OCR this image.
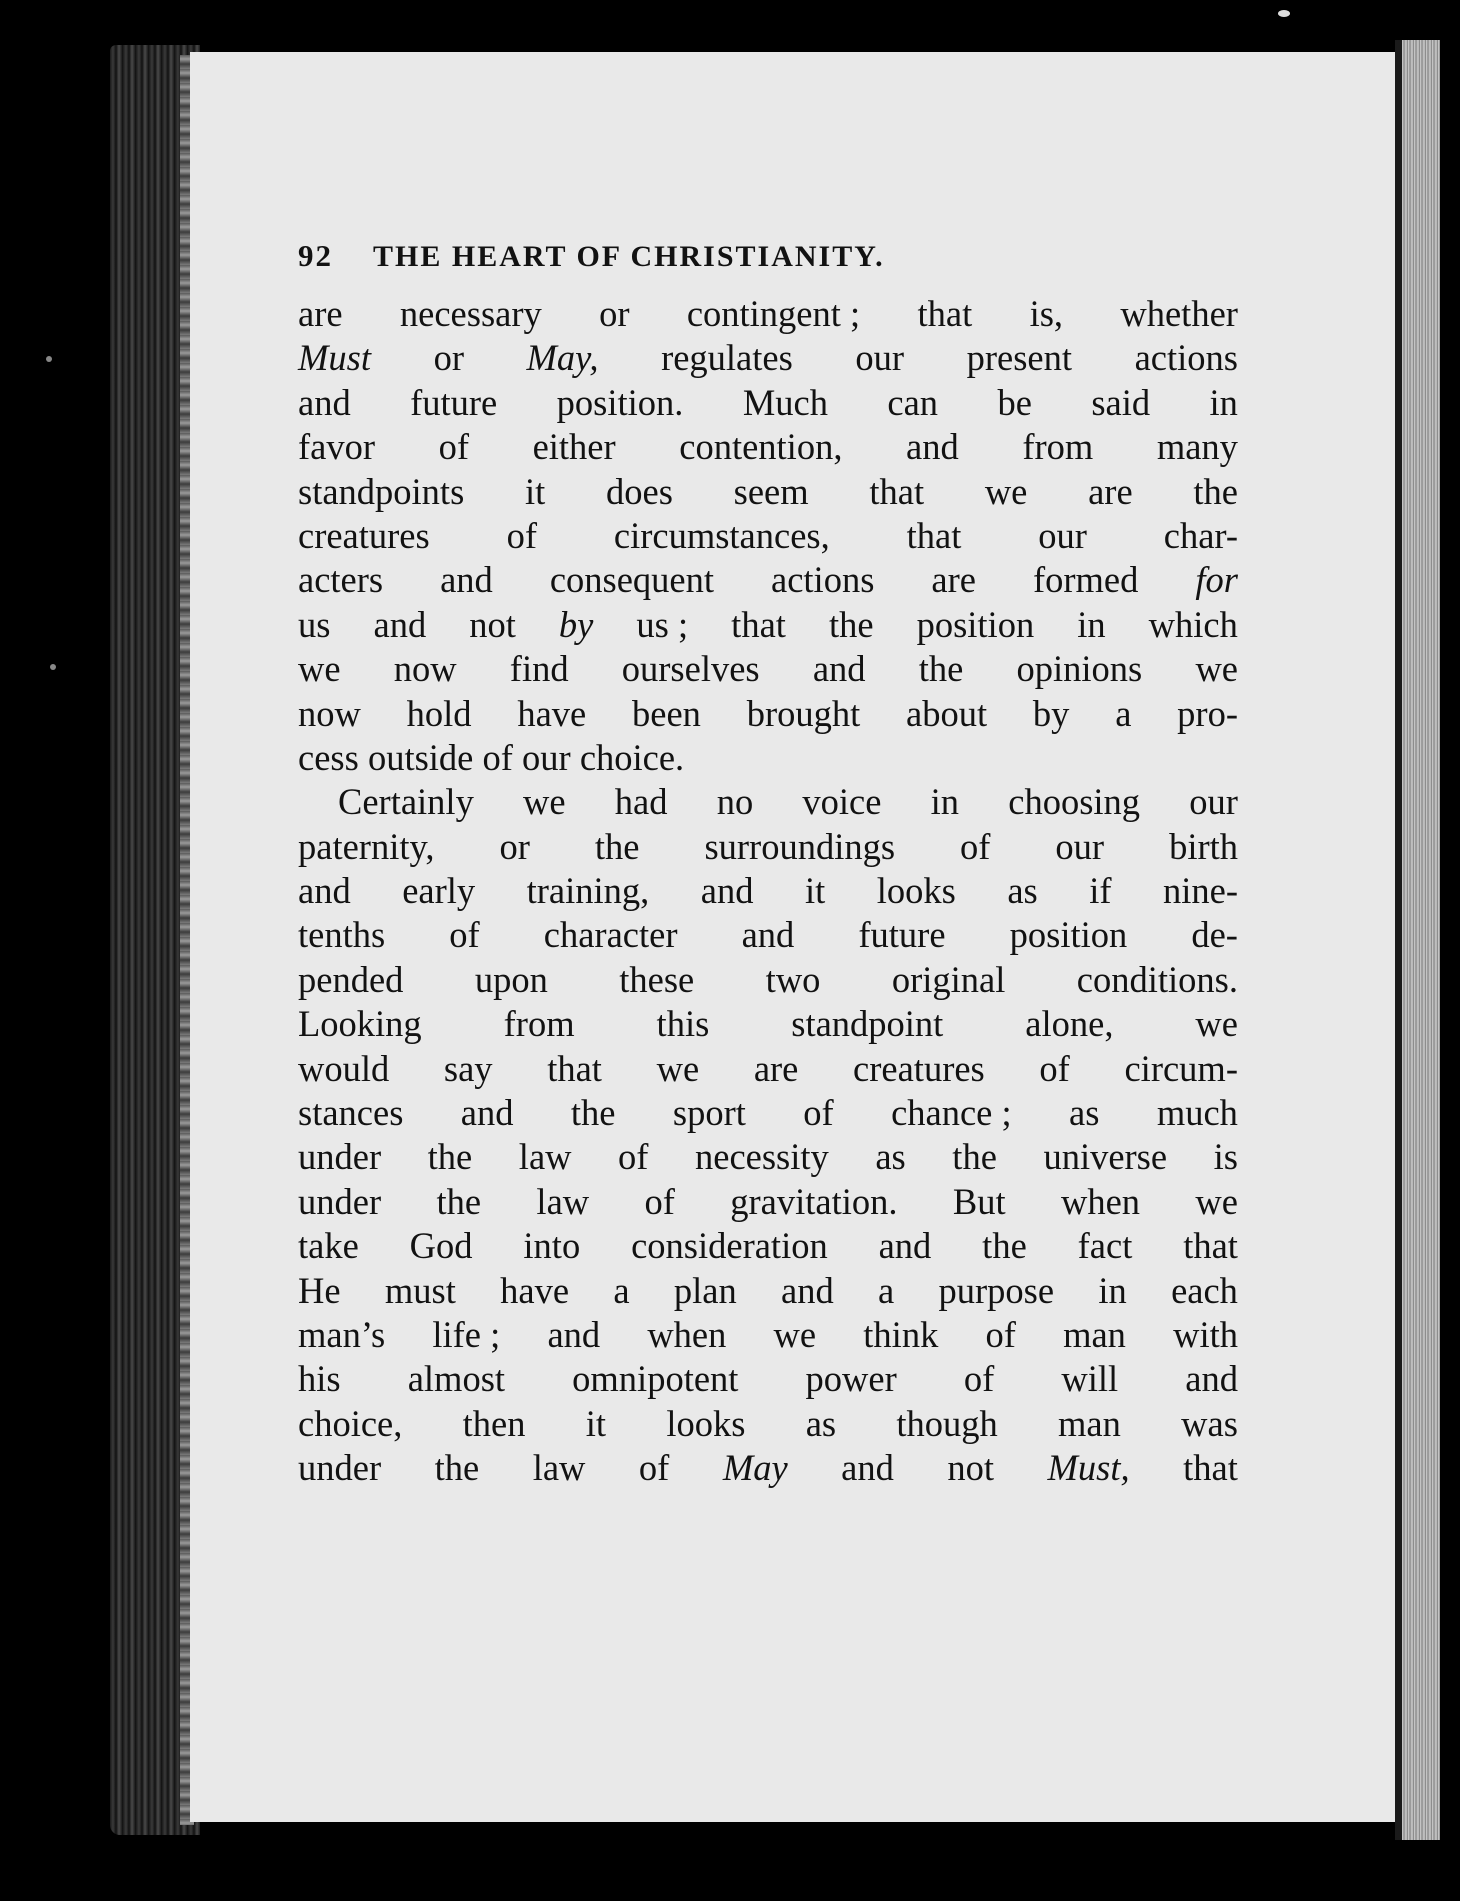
92 THE HEART OF CHRISTIANITY.
are necessary or contingent ; that is, whether
Must or May, regulates our present actions
and future position. Much can be said in
favor of either contention, and from many
standpoints it does seem that we are the
creatures of circumstances, that our char-
acters and consequent actions are formed for
us and not by us ; that the position in which
we now find ourselves and the opinions we
now hold have been brought about by a pro-
cess
outside
of
our
choice.
Certainly we had no voice in choosing our
paternity, or the surroundings of our birth
and early training, and it looks as if nine-
tenths of character and future position de-
pended upon these two original conditions.
Looking from this standpoint alone, we
would say that we are creatures of circum-
stances and the sport of chance ; as much
under the law of necessity as the universe is
under the law of gravitation. But when we
take God into consideration and the fact that
He must have a plan and a purpose in each
man’s life ; and when we think of man with
his almost omnipotent power of will and
choice, then it looks as though man was
under the law of May and not Must, that
